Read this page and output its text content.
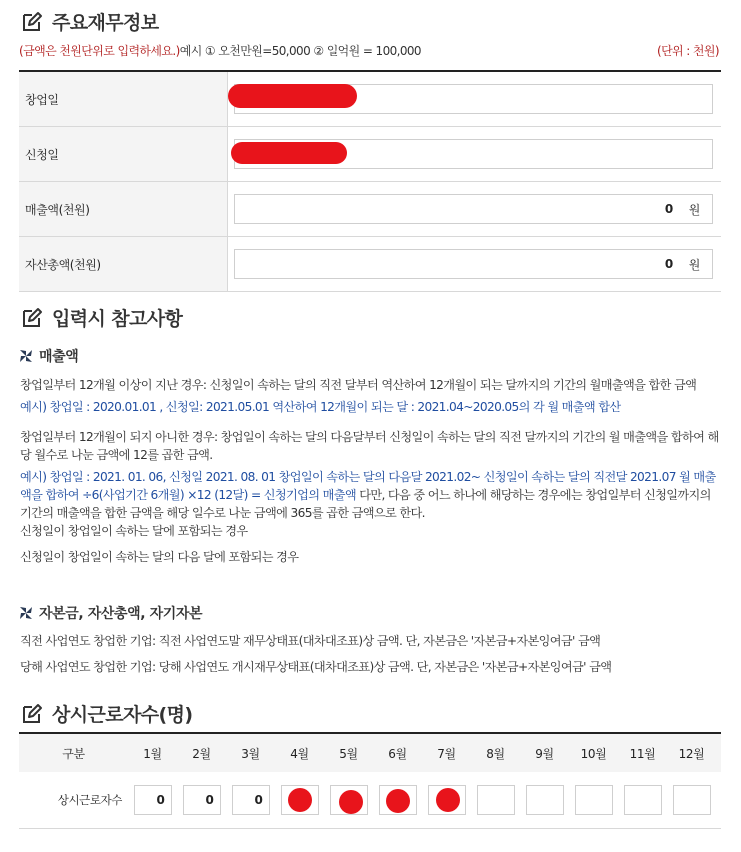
주요재무정보
(금액은 천원단위로 입력하세요.)예시 ① 오천만원=50,000 ② 일억원 = 100,000	(단위 : 천원)
창업일
신청일
매출액(천원)	0 원
자산총액(천원)	0 원
입력시 참고사항
매출액
창업일부터 12개월 이상이 지난 경우: 신청일이 속하는 달의 직전 달부터 역산하여 12개월이 되는 달까지의 기간의 월매출액을 합한 금액
예시) 창업일 : 2020.01.01 , 신청일: 2021.05.01 역산하여 12개월이 되는 달 : 2021.04~2020.05의 각 월 매출액 합산
창업일부터 12개월이 되지 아니한 경우: 창업일이 속하는 달의 다음달부터 신청일이 속하는 달의 직전 달까지의 기간의 월 매출액을 합하여 해당 월수로 나눈 금액에 12를 곱한 금액.
예시) 창업일 : 2021. 01. 06, 신청일 2021. 08. 01 창업일이 속하는 달의 다음달 2021.02~ 신청일이 속하는 달의 직전달 2021.07 월 매출액을 합하여 ÷6(사업기간 6개월) ×12 (12달) = 신청기업의 매출액 다만, 다음 중 어느 하나에 해당하는 경우에는 창업일부터 신청일까지의 기간의 매출액을 합한 금액을 해당 일수로 나눈 금액에 365를 곱한 금액으로 한다.
신청일이 창업일이 속하는 달에 포함되는 경우
신청일이 창업일이 속하는 달의 다음 달에 포함되는 경우
자본금, 자산총액, 자기자본
직전 사업연도 창업한 기업: 직전 사업연도말 재무상태표(대차대조표)상 금액. 단, 자본금은 '자본금+자본잉여금' 금액
당해 사업연도 창업한 기업: 당해 사업연도 개시재무상태표(대차대조표)상 금액. 단, 자본금은 '자본금+자본잉여금' 금액
상시근로자수(명)
구분	1월	2월	3월	4월	5월	6월	7월	8월	9월	10월	11월	12월
상시근로자수	0	0	0
